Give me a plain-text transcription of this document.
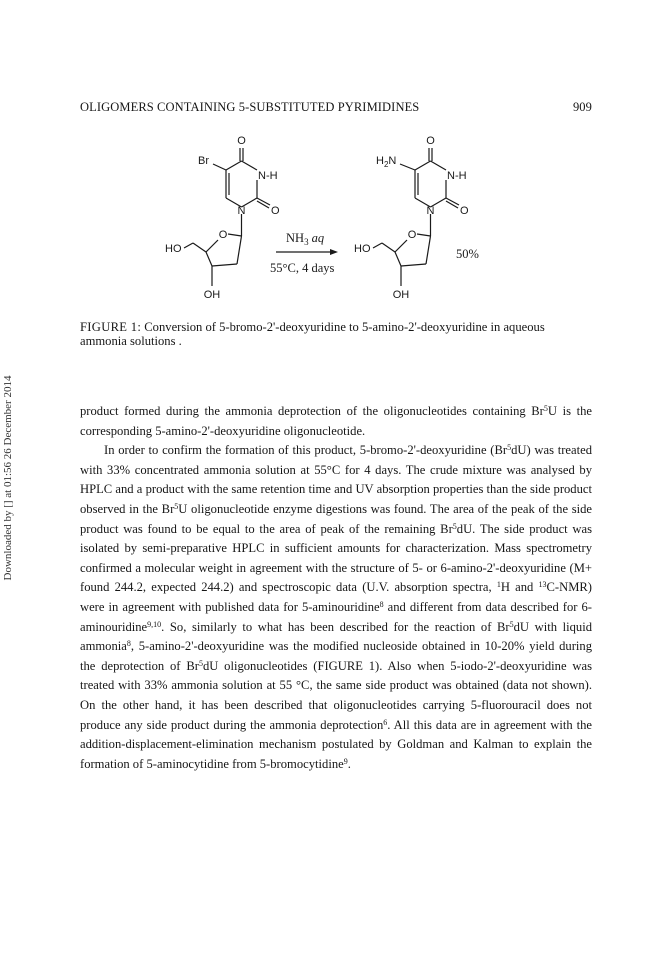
OLIGOMERS CONTAINING 5-SUBSTITUTED PYRIMIDINES	909
Downloaded by [] at 01:56 26 December 2014
O
Br
N-H
N O
O
HO
OH
O
$H_2N$
N-H
N O
O
HO
OH
$NH_3$ aq
55°C, 4 days
50%
FIGURE 1: Conversion of 5-bromo-2'-deoxyuridine to 5-amino-2'-deoxyuridine in aqueous ammonia solutions .

product formed during the ammonia deprotection of the oligonucleotides containing Br$^5$U is the corresponding 5-amino-2'-deoxyuridine oligonucleotide.

In order to confirm the formation of this product, 5-bromo-2'-deoxyuridine (Br$^5$dU) was treated with 33% concentrated ammonia solution at 55°C for 4 days. The crude mixture was analysed by HPLC and a product with the same retention time and UV absorption properties than the side product observed in the Br$^5$U oligonucleotide enzyme digestions was found. The area of the peak of the side product was found to be equal to the area of peak of the remaining Br$^5$dU. The side product was isolated by semi-preparative HPLC in sufficient amounts for characterization. Mass spectrometry confirmed a molecular weight in agreement with the structure of 5- or 6-amino-2'-deoxyuridine (M+ found 244.2, expected 244.2) and spectroscopic data (U.V. absorption spectra, $^1$H and $^{13}$C-NMR) were in agreement with published data for 5-aminouridine$^8$ and different from data described for 6-aminouridine$^{9,10}$. So, similarly to what has been described for the reaction of Br$^5$dU with liquid ammonia$^8$, 5-amino-2'-deoxyuridine was the modified nucleoside obtained in 10-20% yield during the deprotection of Br$^5$dU oligonucleotides (FIGURE 1). Also when 5-iodo-2'-deoxyuridine was treated with 33% ammonia solution at 55 °C, the same side product was obtained (data not shown). On the other hand, it has been described that oligonucleotides carrying 5-fluorouracil does not produce any side product during the ammonia deprotection$^6$. All this data are in agreement with the addition-displacement-elimination mechanism postulated by Goldman and Kalman to explain the formation of 5-aminocytidine from 5-bromocytidine$^9$.
